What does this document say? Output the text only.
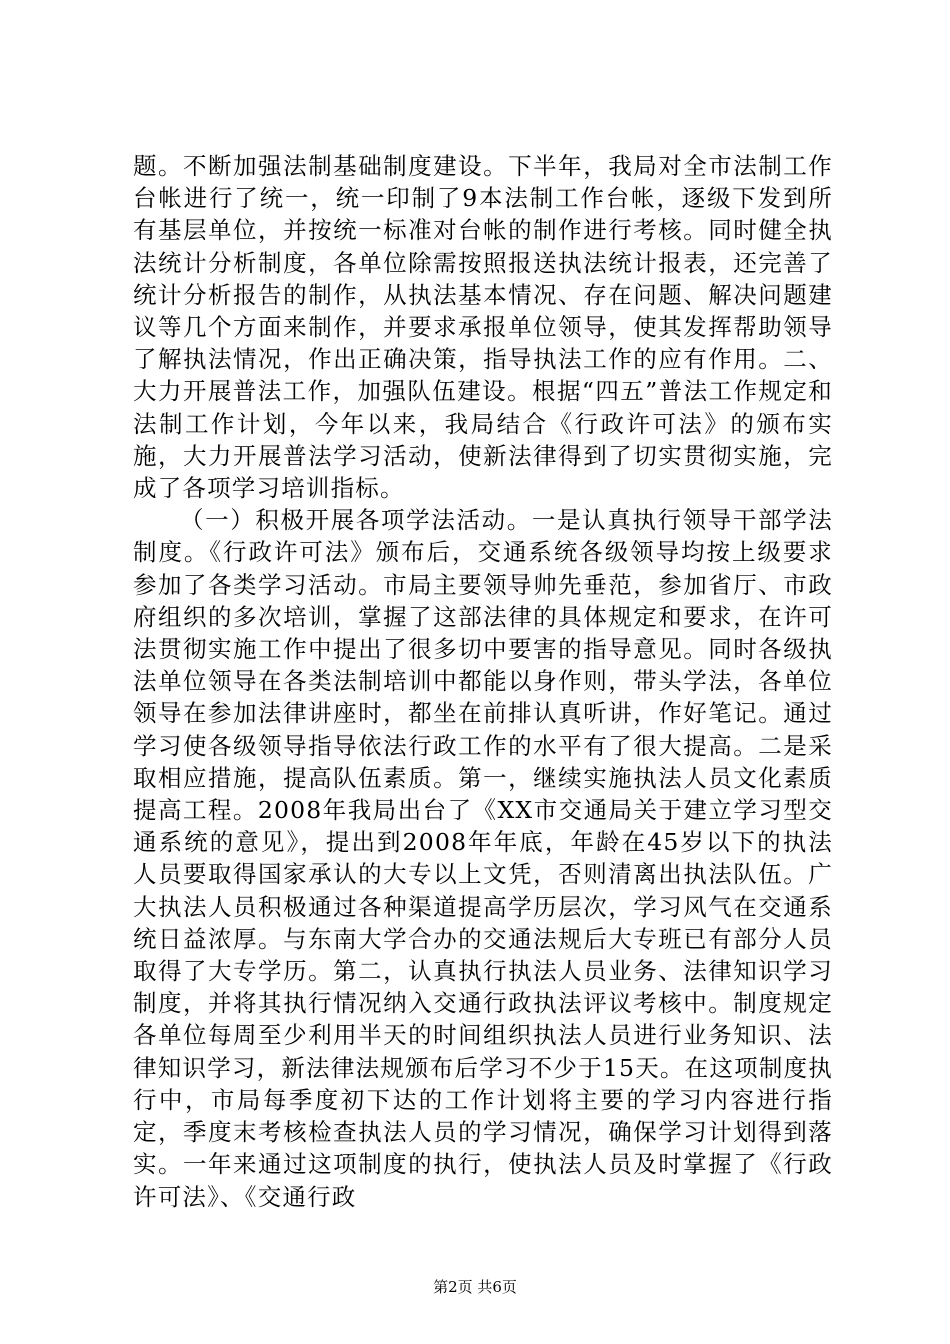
题。不断加强法制基础制度建设。下半年，我局对全市法制工作台帐进行了统一，统一印制了9本法制工作台帐，逐级下发到所有基层单位，并按统一标准对台帐的制作进行考核。同时健全执法统计分析制度，各单位除需按照报送执法统计报表，还完善了统计分析报告的制作，从执法基本情况、存在问题、解决问题建议等几个方面来制作，并要求承报单位领导，使其发挥帮助领导了解执法情况，作出正确决策，指导执法工作的应有作用。二、大力开展普法工作，加强队伍建设。根据“四五”普法工作规定和法制工作计划，今年以来，我局结合《行政许可法》的颁布实施，大力开展普法学习活动，使新法律得到了切实贯彻实施，完成了各项学习培训指标。

（一）积极开展各项学法活动。一是认真执行领导干部学法制度。《行政许可法》颁布后，交通系统各级领导均按上级要求参加了各类学习活动。市局主要领导帅先垂范，参加省厅、市政府组织的多次培训，掌握了这部法律的具体规定和要求，在许可法贯彻实施工作中提出了很多切中要害的指导意见。同时各级执法单位领导在各类法制培训中都能以身作则，带头学法，各单位领导在参加法律讲座时，都坐在前排认真听讲，作好笔记。通过学习使各级领导指导依法行政工作的水平有了很大提高。二是采取相应措施，提高队伍素质。第一，继续实施执法人员文化素质提高工程。2008年我局出台了《XX市交通局关于建立学习型交通系统的意见》，提出到2008年年底，年龄在45岁以下的执法人员要取得国家承认的大专以上文凭，否则清离出执法队伍。广大执法人员积极通过各种渠道提高学历层次，学习风气在交通系统日益浓厚。与东南大学合办的交通法规后大专班已有部分人员取得了大专学历。第二，认真执行执法人员业务、法律知识学习制度，并将其执行情况纳入交通行政执法评议考核中。制度规定各单位每周至少利用半天的时间组织执法人员进行业务知识、法律知识学习，新法律法规颁布后学习不少于15天。在这项制度执行中，市局每季度初下达的工作计划将主要的学习内容进行指定，季度末考核检查执法人员的学习情况，确保学习计划得到落实。一年来通过这项制度的执行，使执法人员及时掌握了《行政许可法》、《交通行政

第2页 共6页
